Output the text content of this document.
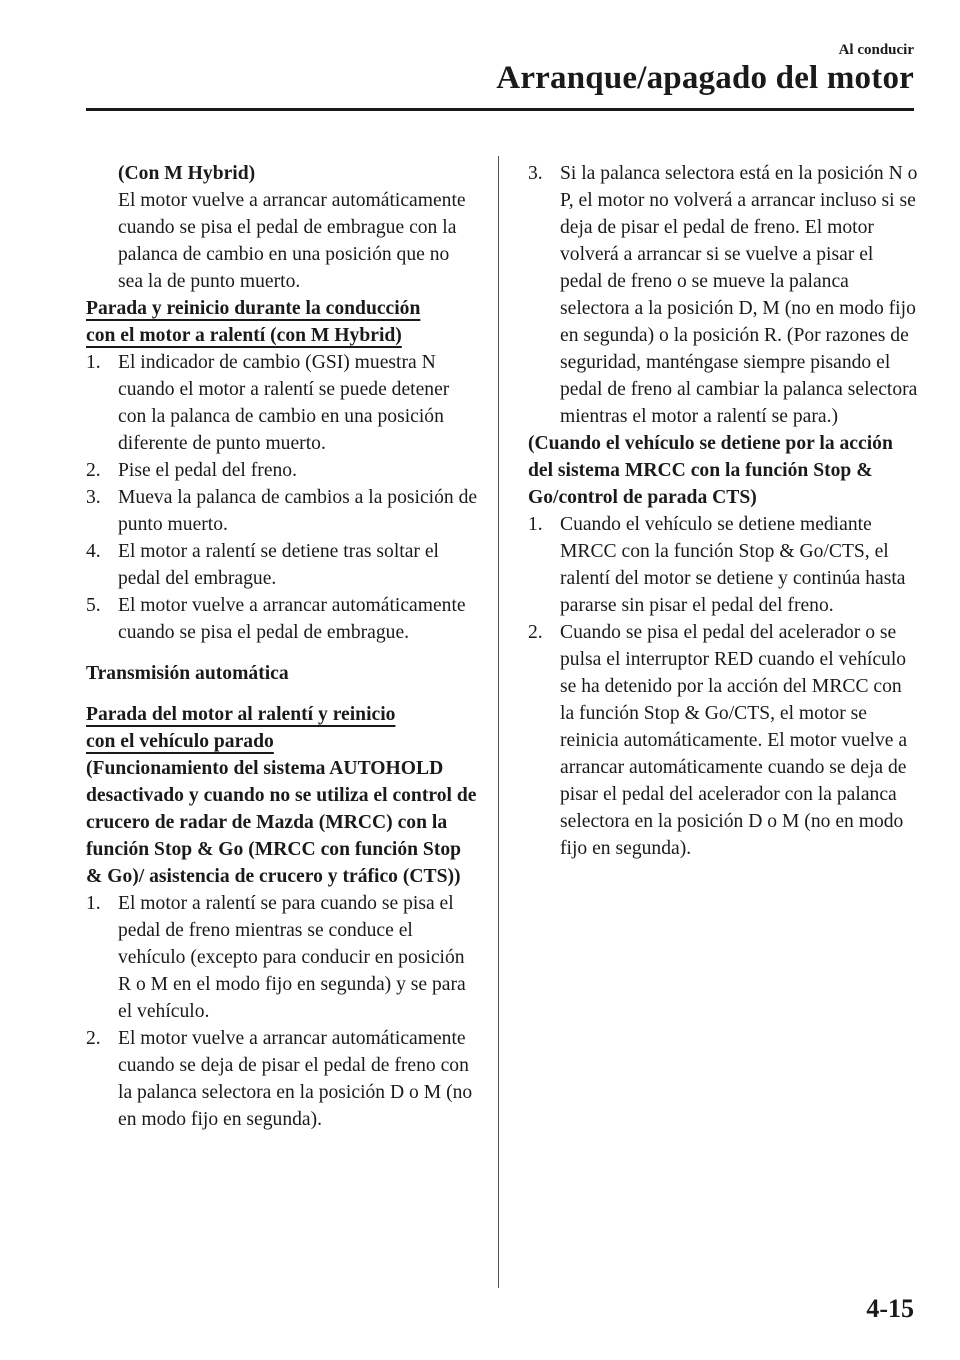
Al conducir
Arranque/apagado del motor

(Con M Hybrid)

El motor vuelve a arrancar automáticamente cuando se pisa el pedal de embrague con la palanca de cambio en una posición que no sea la de punto muerto.

Parada y reinicio durante la conducción

con el motor a ralentí (con M Hybrid)

1. El indicador de cambio (GSI) muestra N cuando el motor a ralentí se puede detener con la palanca de cambio en una posición diferente de punto muerto.
2. Pise el pedal del freno.
3. Mueva la palanca de cambios a la posición de punto muerto.
4. El motor a ralentí se detiene tras soltar el pedal del embrague.
5. El motor vuelve a arrancar automáticamente cuando se pisa el pedal de embrague.

Transmisión automática

Parada del motor al ralentí y reinicio

con el vehículo parado

(Funcionamiento del sistema AUTOHOLD desactivado y cuando no se utiliza el control de crucero de radar de Mazda (MRCC) con la función Stop & Go (MRCC con función Stop & Go)/ asistencia de crucero y tráfico (CTS))

1. El motor a ralentí se para cuando se pisa el pedal de freno mientras se conduce el vehículo (excepto para conducir en posición R o M en el modo fijo en segunda) y se para el vehículo.
2. El motor vuelve a arrancar automáticamente cuando se deja de pisar el pedal de freno con la palanca selectora en la posición D o M (no en modo fijo en segunda).
3. Si la palanca selectora está en la posición N o P, el motor no volverá a arrancar incluso si se deja de pisar el pedal de freno. El motor volverá a arrancar si se vuelve a pisar el pedal de freno o se mueve la palanca selectora a la posición D, M (no en modo fijo en segunda) o la posición R. (Por razones de seguridad, manténgase siempre pisando el pedal de freno al cambiar la palanca selectora mientras el motor a ralentí se para.)

(Cuando el vehículo se detiene por la acción del sistema MRCC con la función Stop & Go/control de parada CTS)

1. Cuando el vehículo se detiene mediante MRCC con la función Stop & Go/CTS, el ralentí del motor se detiene y continúa hasta pararse sin pisar el pedal del freno.
2. Cuando se pisa el pedal del acelerador o se pulsa el interruptor RED cuando el vehículo se ha detenido por la acción del MRCC con la función Stop & Go/CTS, el motor se reinicia automáticamente. El motor vuelve a arrancar automáticamente cuando se deja de pisar el pedal del acelerador con la palanca selectora en la posición D o M (no en modo fijo en segunda).
4-15
